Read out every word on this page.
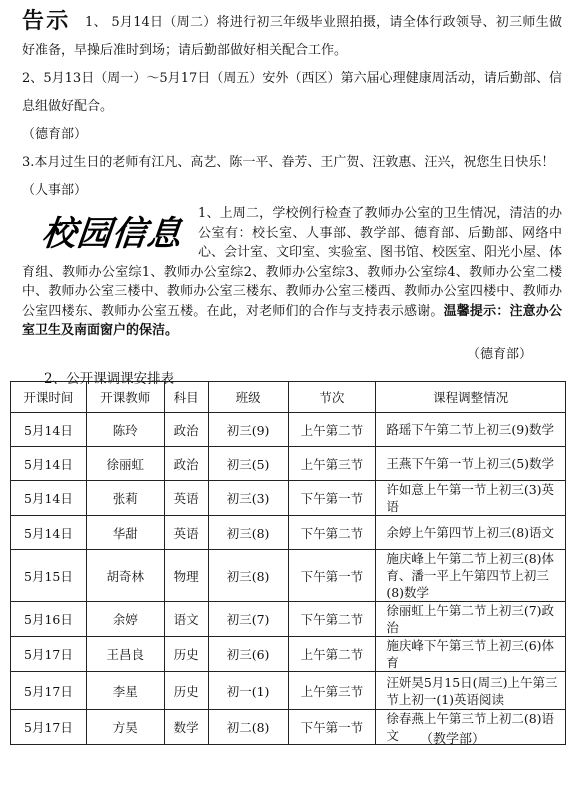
告示 1、 5月14日（周二）将进行初三年级毕业照拍摄，请全体行政领导、初三师生做好准备，早操后准时到场；请后勤部做好相关配合工作。

2、5月13日（周一）～5月17日（周五）安外（西区）第六届心理健康周活动，请后勤部、信息组做好配合。

（德育部）

3.本月过生日的老师有江凡、高艺、陈一平、眷芳、王广贺、汪敦惠、汪兴，祝您生日快乐！

（人事部）

校园信息

1、上周二，学校例行检查了教师办公室的卫生情况，清洁的办公室有：校长室、人事部、教学部、德育部、后勤部、网络中心、会计室、文印室、实验室、图书馆、校医室、阳光小屋、体育组、教师办公室综1、教师办公室综2、教师办公室综3、教师办公室综4、教师办公室二楼中、教师办公室三楼中、教师办公室三楼东、教师办公室三楼西、教师办公室四楼中、教师办公室四楼东、教师办公室五楼。在此，对老师们的合作与支持表示感谢。温馨提示：注意办公室卫生及南面窗户的保洁。

（德育部）

2、公开课调课安排表
开课时间	开课教师	科目	班级	节次	课程调整情况
5月14日	陈玲	政治	初三(9)	上午第二节	路瑶下午第二节上初三(9)数学
5月14日	徐丽虹	政治	初三(5)	上午第三节	王燕下午第一节上初三(5)数学
5月14日	张莉	英语	初三(3)	下午第一节	许如意上午第一节上初三(3)英语
5月14日	华甜	英语	初三(8)	下午第二节	余婷上午第四节上初三(8)语文
5月15日	胡奇林	物理	初三(8)	下午第一节	施庆峰上午第二节上初三(8)体育、潘一平上午第四节上初三(8)数学
5月16日	余婷	语文	初三(7)	下午第二节	徐丽虹上午第二节上初三(7)政治
5月17日	王昌良	历史	初三(6)	上午第二节	施庆峰下午第三节上初三(6)体育
5月17日	李星	历史	初一(1)	上午第三节	汪妍昊5月15日(周三)上午第三节上初一(1)英语阅读
5月17日	方昊	数学	初二(8)	下午第一节	徐春燕上午第三节上初二(8)语文 （教学部）
